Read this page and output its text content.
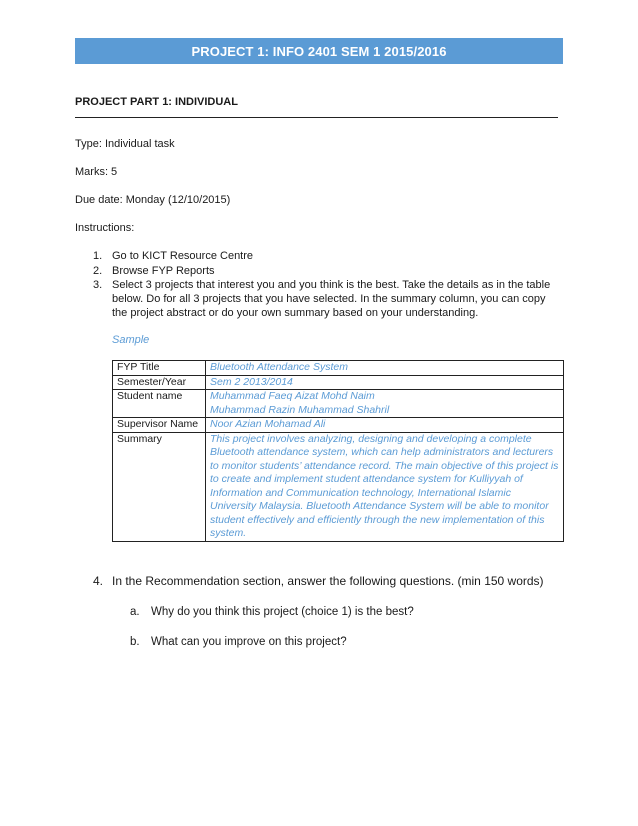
PROJECT 1: INFO 2401 SEM 1 2015/2016
PROJECT PART 1: INDIVIDUAL
Type: Individual task
Marks: 5
Due date: Monday (12/10/2015)
Instructions:
1. Go to KICT Resource Centre
2. Browse FYP Reports
3. Select 3 projects that interest you and you think is the best. Take the details as in the table below. Do for all 3 projects that you have selected. In the summary column, you can copy the project abstract or do your own summary based on your understanding.
Sample
FYP Title	Bluetooth Attendance System
Semester/Year	Sem 2 2013/2014
Student name	Muhammad Faeq Aizat Mohd Naim
Muhammad Razin Muhammad Shahril

Supervisor Name	Noor Azian Mohamad Ali
Summary	This project involves analyzing, designing and developing a complete Bluetooth attendance system, which can help administrators and lecturers to monitor students’ attendance record. The main objective of this project is to create and implement student attendance system for Kulliyyah of Information and Communication technology, International Islamic University Malaysia. Bluetooth Attendance System will be able to monitor student effectively and efficiently through the new implementation of this system.
4. In the Recommendation section, answer the following questions. (min 150 words)
a. Why do you think this project (choice 1) is the best?
b. What can you improve on this project?
